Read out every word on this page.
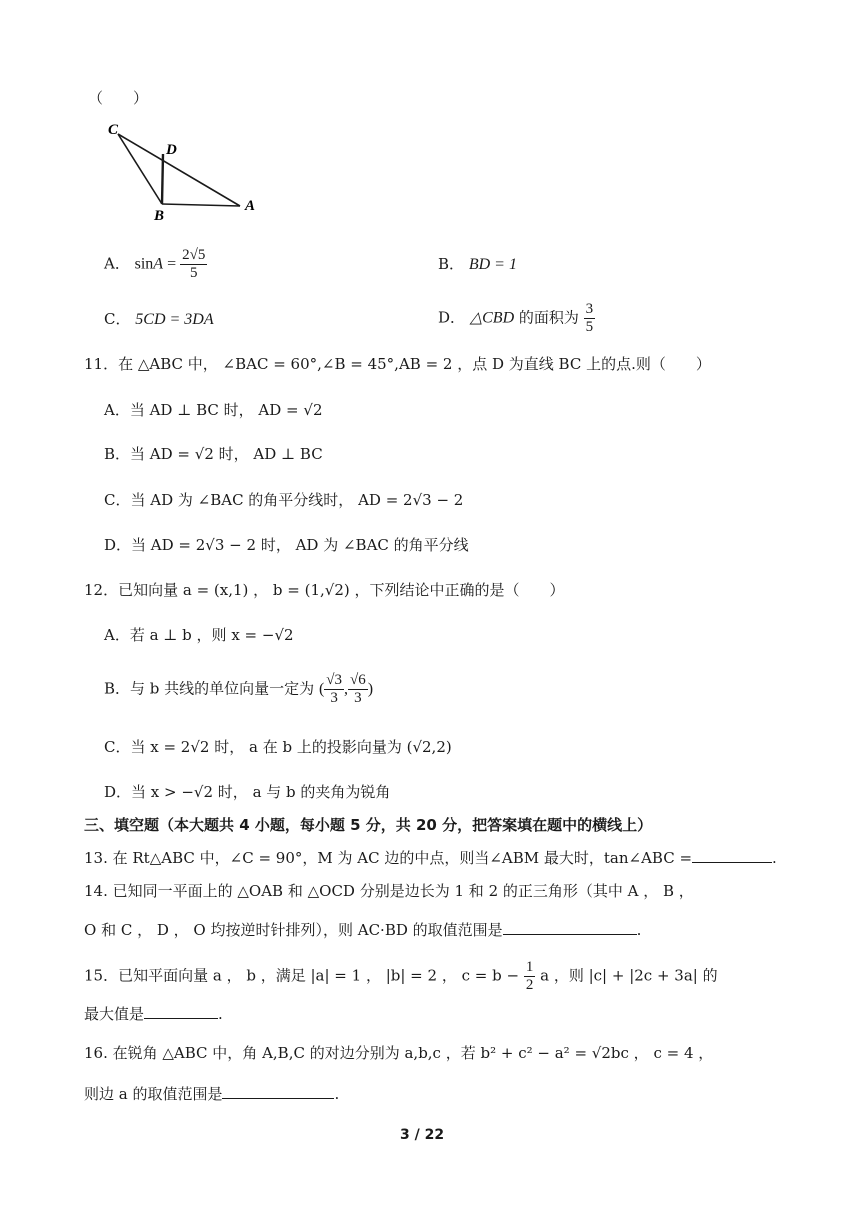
（　　）
C
D
B
A
A． $\sin A = \frac{2√5}{5}$	B． BD = 1
C． 5CD = 3DA	D． △CBD 的面积为 $\frac{3}{5}$
11．在 △ABC 中， ∠BAC = 60°,∠B = 45°,AB = 2 ，点 D 为直线 BC 上的点.则（　　）
A．当 AD ⊥ BC 时， AD = √2
B．当 AD = √2 时， AD ⊥ BC
C．当 AD 为 ∠BAC 的角平分线时， AD = 2√3 − 2
D．当 AD = 2√3 − 2 时， AD 为 ∠BAC 的角平分线
12．已知向量 a = (x,1) ， b = (1,√2) ，下列结论中正确的是（　　）
A．若 a ⊥ b ，则 x = −√2
B．与 b 共线的单位向量一定为 ( $\frac{√3}{3}$ , $\frac{√6}{3}$ )
C．当 x = 2√2 时， a 在 b 上的投影向量为 (√2,2)
D．当 x > −√2 时， a 与 b 的夹角为锐角
三、填空题（本大题共 4 小题，每小题 5 分，共 20 分，把答案填在题中的横线上）
13. 在 Rt△ABC 中，∠C = 90°，M 为 AC 边的中点，则当∠ABM 最大时，tan∠ABC =	.
14. 已知同一平面上的 △OAB 和 △OCD 分别是边长为 1 和 2 的正三角形（其中 A ， B ，
O 和 C ， D ， O 均按逆时针排列），则 AC·BD 的取值范围是	.
15．已知平面向量 a ， b ，满足 |a| = 1 ， |b| = 2 ， $c = b - \frac{1}{2}$ a ，则 |c| + |2c + 3a| 的
最大值是	.
16. 在锐角 △ABC 中，角 A,B,C 的对边分别为 a,b,c ，若 b² + c² − a² = √2bc ， c = 4 ，
则边 a 的取值范围是	.
3 / 22
